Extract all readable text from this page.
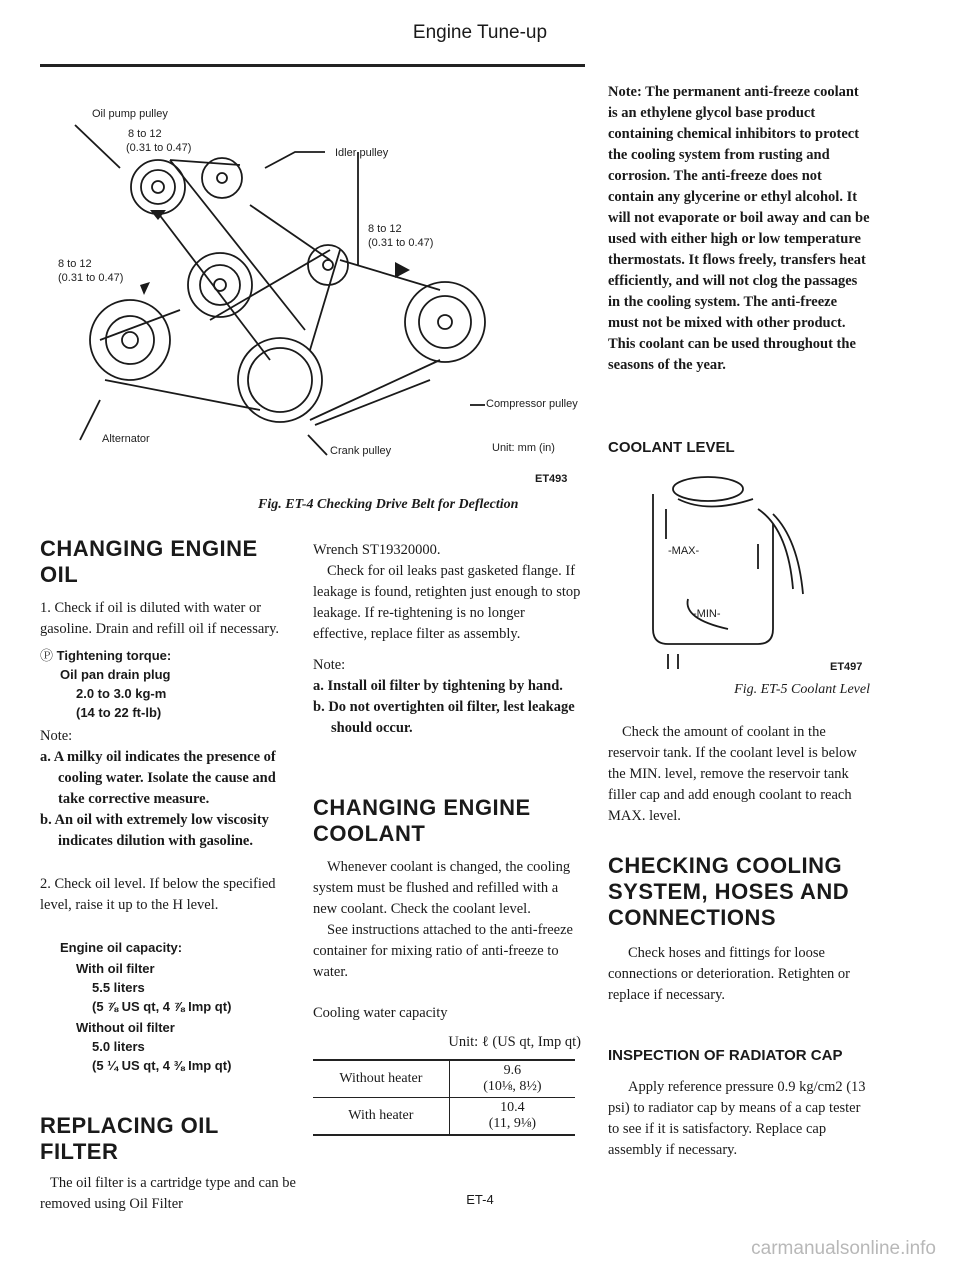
Engine Tune-up
Oil pump pulley
8 to 12
(0.31 to 0.47)	Idler pulley
8 to 12
(0.31 to 0.47)
8 to 12
(0.31 to 0.47)
Compressor pulley
Alternator
Crank pulley	Unit: mm (in)
ET493
Fig. ET-4 Checking Drive Belt for Deflection
CHANGING ENGINE OIL

1. Check if oil is diluted with water or gasoline. Drain and refill oil if necessary.

Ⓟ Tightening torque:
Oil pan drain plug
2.0 to 3.0 kg-m
(14 to 22 ft-lb)

Note:

a. A milky oil indicates the presence of cooling water. Isolate the cause and take corrective measure.

b. An oil with extremely low viscosity indicates dilution with gasoline.

2. Check oil level. If below the specified level, raise it up to the H level.

Engine oil capacity:
With oil filter
5.5 liters
(5 ⅞ US qt, 4 ⅞ Imp qt)
Without oil filter
5.0 liters
(5 ¼ US qt, 4 ⅜ Imp qt)
REPLACING OIL FILTER

The oil filter is a cartridge type and can be removed using Oil Filter

Wrench ST19320000.

Check for oil leaks past gasketed flange. If leakage is found, retighten just enough to stop leakage. If re-tightening is no longer effective, replace filter as assembly.

Note:

a. Install oil filter by tightening by hand.

b. Do not overtighten oil filter, lest leakage should occur.

CHANGING ENGINE COOLANT

Whenever coolant is changed, the cooling system must be flushed and refilled with a new coolant. Check the coolant level.

See instructions attached to the anti-freeze container for mixing ratio of anti-freeze to water.

Cooling water capacity

Unit: ℓ (US qt, Imp qt)

Without heater	9.6
(10⅛, 8½)

With heater	10.4
(11, 9⅛)

Note: The permanent anti-freeze coolant is an ethylene glycol base product containing chemical inhibitors to protect the cooling system from rusting and corrosion. The anti-freeze does not contain any glycerine or ethyl alcohol. It will not evaporate or boil away and can be used with either high or low temperature thermostats. It flows freely, transfers heat efficiently, and will not clog the passages in the cooling system. The anti-freeze must not be mixed with other product. This coolant can be used throughout the seasons of the year.

COOLANT LEVEL
-MAX-
-MIN-
ET497

Fig. ET-5 Coolant Level

Check the amount of coolant in the reservoir tank. If the coolant level is below the MIN. level, remove the reservoir tank filler cap and add enough coolant to reach MAX. level.

CHECKING COOLING SYSTEM, HOSES AND CONNECTIONS

Check hoses and fittings for loose connections or deterioration. Retighten or replace if necessary.

INSPECTION OF RADIATOR CAP

Apply reference pressure 0.9 kg/cm2 (13 psi) to radiator cap by means of a cap tester to see if it is satisfactory. Replace cap assembly if necessary.

ET-4
carmanualsonline.info
